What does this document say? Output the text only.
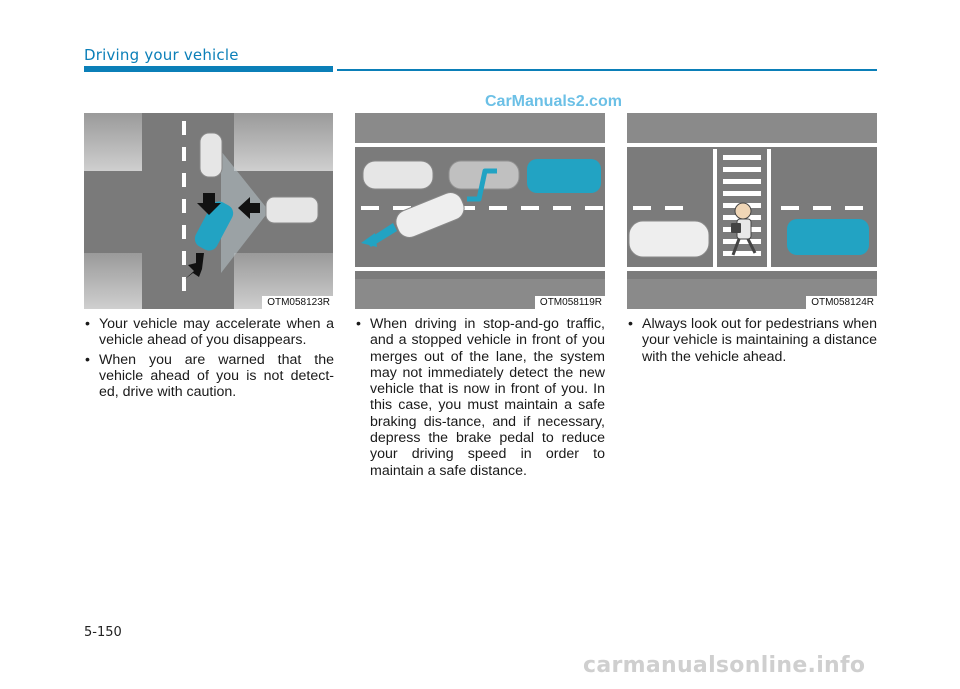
Driving your vehicle
CarManuals2.com
OTM058123R	OTM058119R	OTM058124R
• Your vehicle may accelerate when a vehicle ahead of you disappears.
• When you are warned that the vehicle ahead of you is not detect-ed, drive with caution.
• When driving in stop-and-go traffic, and a stopped vehicle in front of you merges out of the lane, the system may not immediately detect the new vehicle that is now in front of you. In this case, you must maintain a safe braking dis-tance, and if necessary, depress the brake pedal to reduce your driving speed in order to maintain a safe distance.
• Always look out for pedestrians when your vehicle is maintaining a distance with the vehicle ahead.
5-150
carmanualsonline.info
